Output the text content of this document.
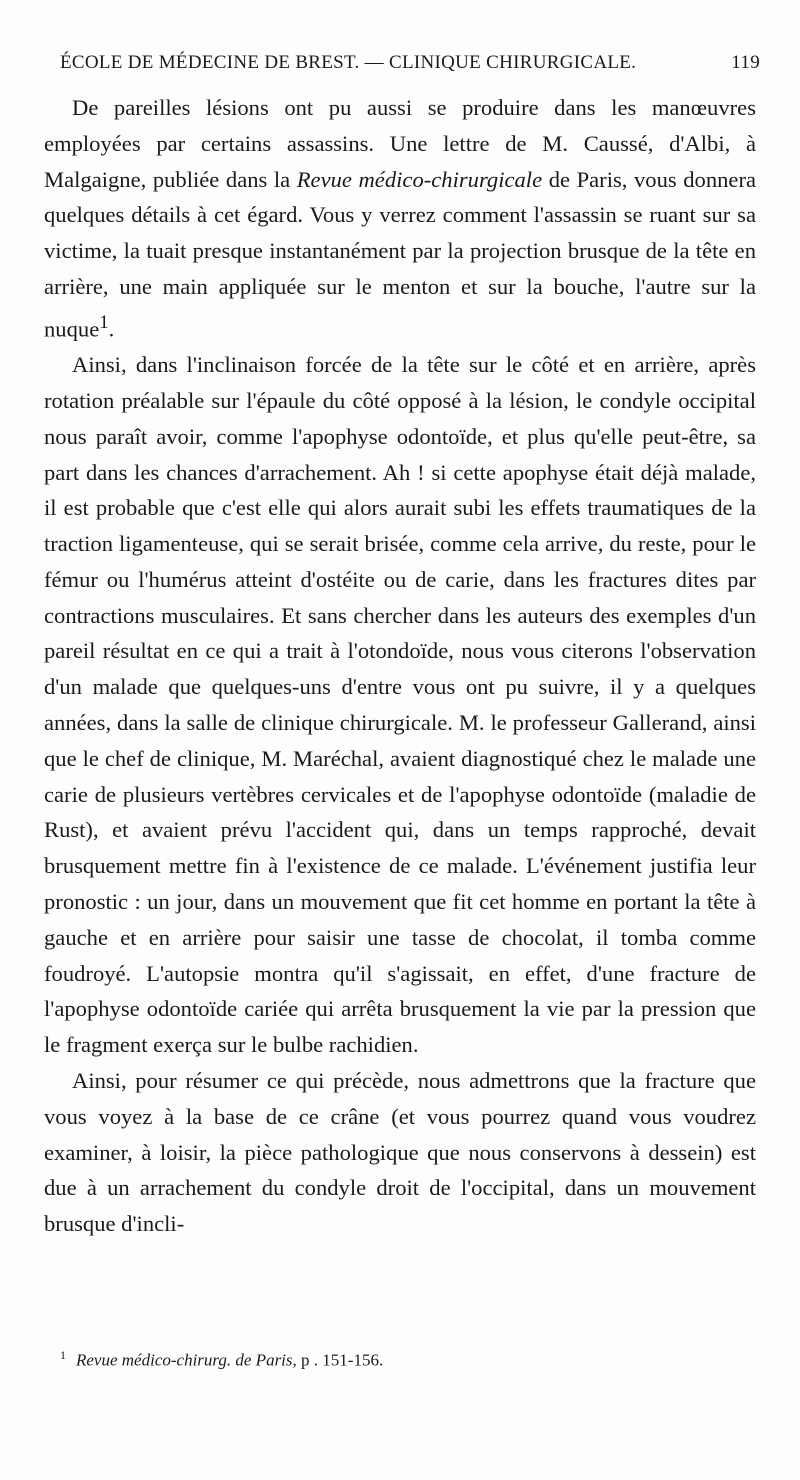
ÉCOLE DE MÉDECINE DE BREST. — CLINIQUE CHIRURGICALE.	119

De pareilles lésions ont pu aussi se produire dans les manœuvres employées par certains assassins. Une lettre de M. Caussé, d'Albi, à Malgaigne, publiée dans la Revue médico-chirurgicale de Paris, vous donnera quelques détails à cet égard. Vous y verrez comment l'assassin se ruant sur sa victime, la tuait presque instantanément par la projection brusque de la tête en arrière, une main appliquée sur le menton et sur la bouche, l'autre sur la nuque$^1$.

Ainsi, dans l'inclinaison forcée de la tête sur le côté et en arrière, après rotation préalable sur l'épaule du côté opposé à la lésion, le condyle occipital nous paraît avoir, comme l'apophyse odontoïde, et plus qu'elle peut-être, sa part dans les chances d'arrachement. Ah ! si cette apophyse était déjà malade, il est probable que c'est elle qui alors aurait subi les effets traumatiques de la traction ligamenteuse, qui se serait brisée, comme cela arrive, du reste, pour le fémur ou l'humérus atteint d'ostéite ou de carie, dans les fractures dites par contractions musculaires. Et sans chercher dans les auteurs des exemples d'un pareil résultat en ce qui a trait à l'otondoïde, nous vous citerons l'observation d'un malade que quelques-uns d'entre vous ont pu suivre, il y a quelques années, dans la salle de clinique chirurgicale. M. le professeur Gallerand, ainsi que le chef de clinique, M. Maréchal, avaient diagnostiqué chez le malade une carie de plusieurs vertèbres cervicales et de l'apophyse odontoïde (maladie de Rust), et avaient prévu l'accident qui, dans un temps rapproché, devait brusquement mettre fin à l'existence de ce malade. L'événement justifia leur pronostic : un jour, dans un mouvement que fit cet homme en portant la tête à gauche et en arrière pour saisir une tasse de chocolat, il tomba comme foudroyé. L'autopsie montra qu'il s'agissait, en effet, d'une fracture de l'apophyse odontoïde cariée qui arrêta brusquement la vie par la pression que le fragment exerça sur le bulbe rachidien.

Ainsi, pour résumer ce qui précède, nous admettrons que la fracture que vous voyez à la base de ce crâne (et vous pourrez quand vous voudrez examiner, à loisir, la pièce pathologique que nous conservons à dessein) est due à un arrachement du condyle droit de l'occipital, dans un mouvement brusque d'incli-

$^1$ Revue médico-chirurg. de Paris, p . 151-156.
